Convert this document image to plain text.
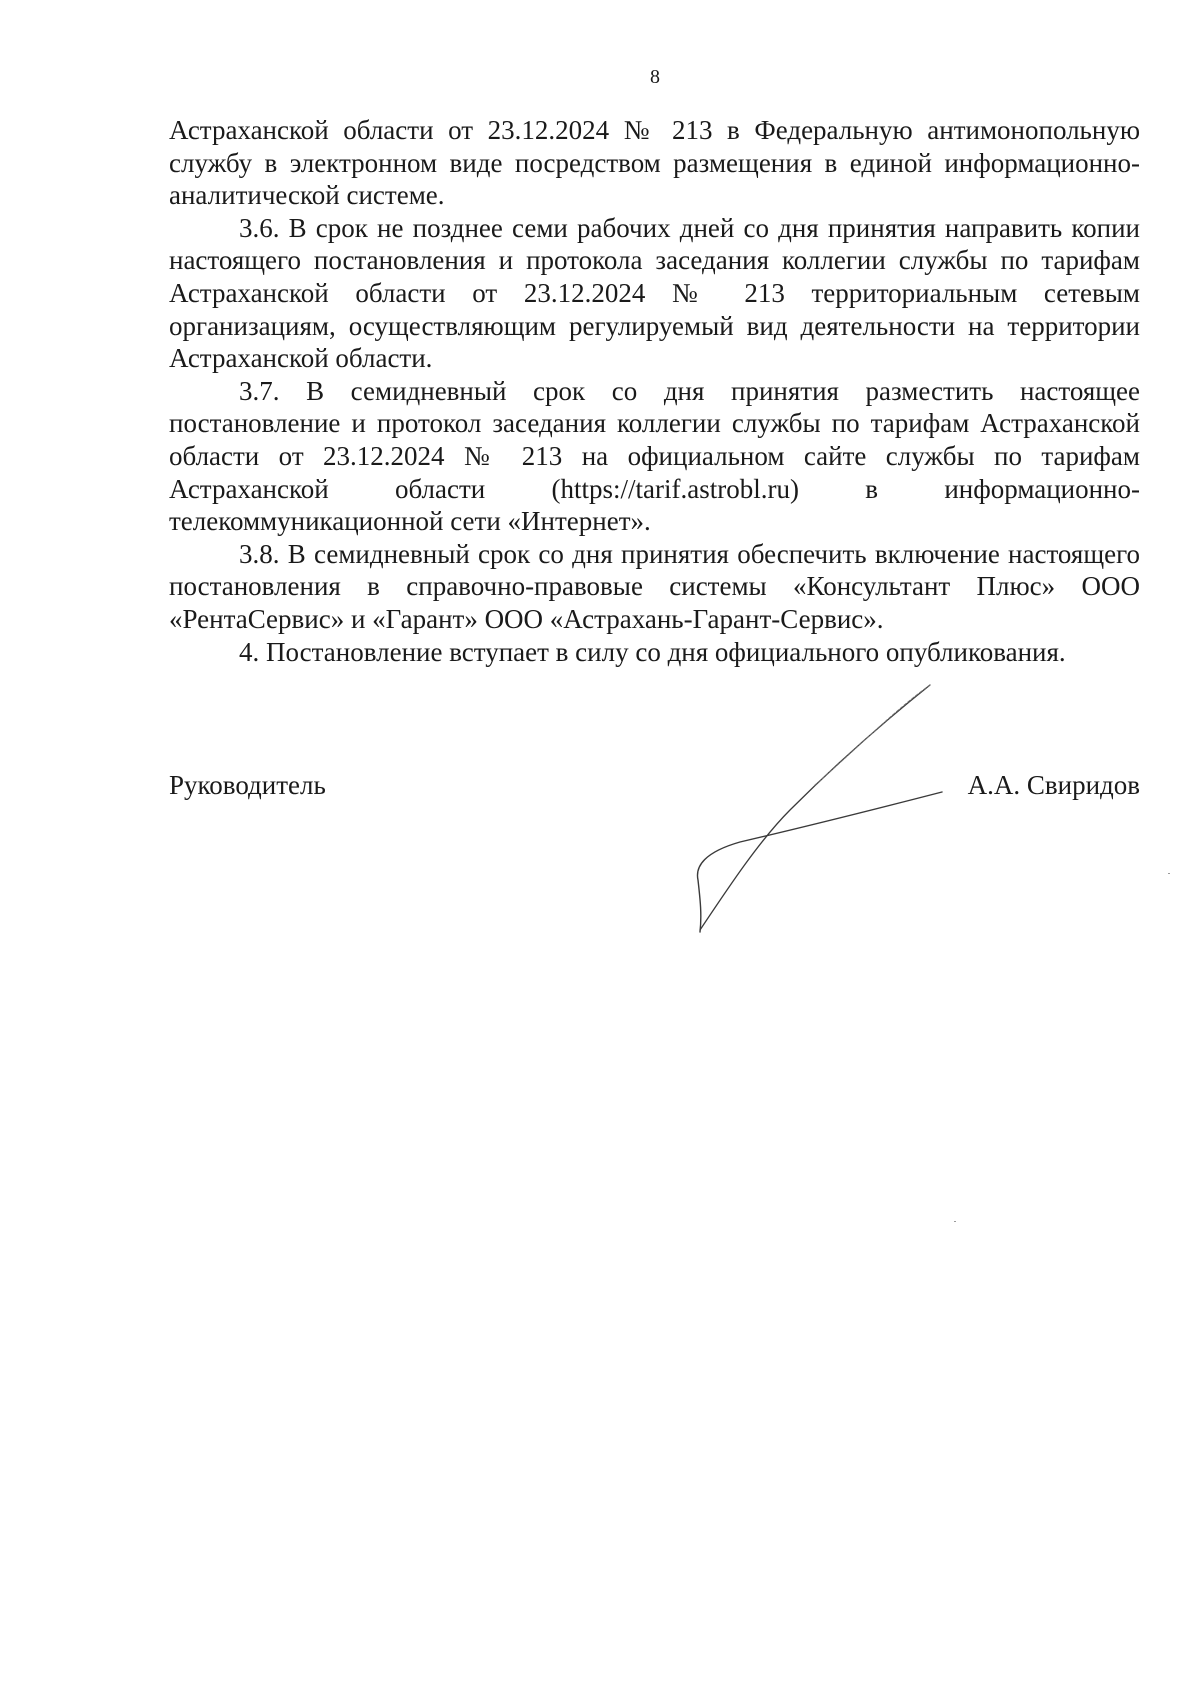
8

Астраханской области от 23.12.2024 № 213 в Федеральную антимонопольную службу в электронном виде посредством размещения в единой информационно-аналитической системе.

3.6. В срок не позднее семи рабочих дней со дня принятия направить копии настоящего постановления и протокола заседания коллегии службы по тарифам Астраханской области от 23.12.2024 № 213 территориальным сетевым организациям, осуществляющим регулируемый вид деятельности на территории Астраханской области.

3.7. В семидневный срок со дня принятия разместить настоящее постановление и протокол заседания коллегии службы по тарифам Астраханской области от 23.12.2024 № 213 на официальном сайте службы по тарифам Астраханской области (https://tarif.astrobl.ru) в информационно-телекоммуникационной сети «Интернет».

3.8. В семидневный срок со дня принятия обеспечить включение настоящего постановления в справочно-правовые системы «Консультант Плюс» ООО «РентаСервис» и «Гарант» ООО «Астрахань-Гарант-Сервис».

4. Постановление вступает в силу со дня официального опубликования.

Руководитель	А.А. Свиридов
